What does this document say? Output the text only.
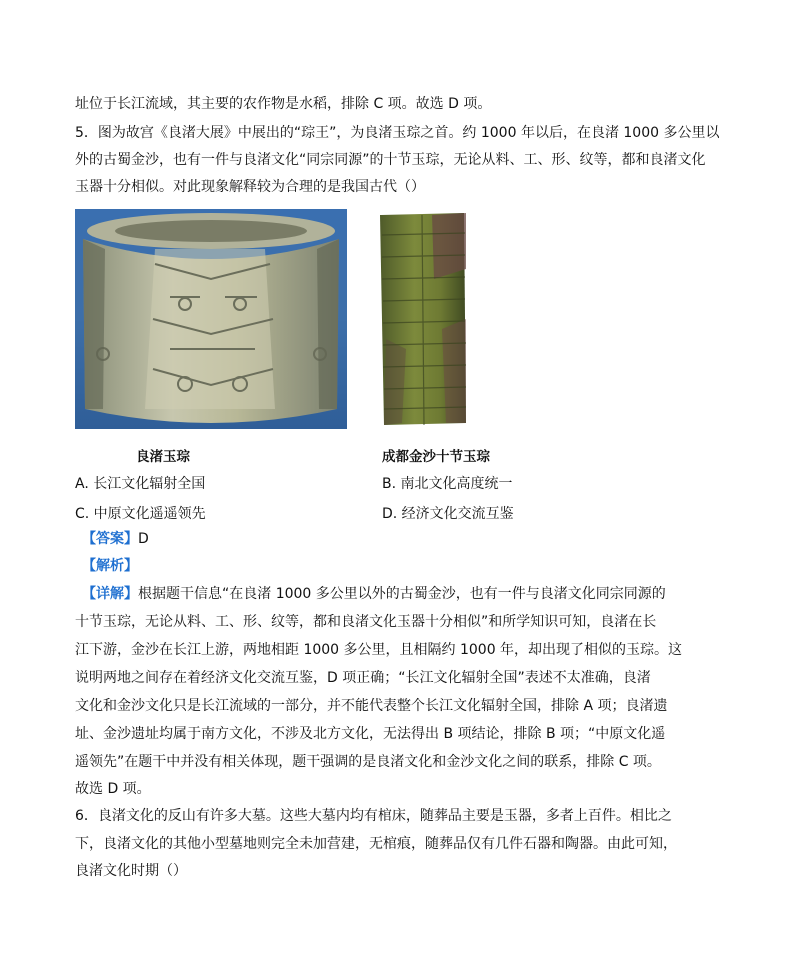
址位于长江流域，其主要的农作物是水稻，排除 C 项。故选 D 项。
5．图为故宫《良渚大展》中展出的“琮王”，为良渚玉琮之首。约 1000 年以后，在良渚 1000 多公里以
外的古蜀金沙，也有一件与良渚文化“同宗同源”的十节玉琮，无论从料、工、形、纹等，都和良渚文化
玉器十分相似。对此现象解释较为合理的是我国古代（）
良渚玉琮	成都金沙十节玉琮
A. 长江文化辐射全国	B. 南北文化高度统一
C. 中原文化遥遥领先	D. 经济文化交流互鉴
【答案】D
【解析】
【详解】根据题干信息“在良渚 1000 多公里以外的古蜀金沙，也有一件与良渚文化同宗同源的
十节玉琮，无论从料、工、形、纹等，都和良渚文化玉器十分相似”和所学知识可知，良渚在长
江下游，金沙在长江上游，两地相距 1000 多公里，且相隔约 1000 年，却出现了相似的玉琮。这
说明两地之间存在着经济文化交流互鉴，D 项正确；“长江文化辐射全国”表述不太准确，良渚
文化和金沙文化只是长江流域的一部分，并不能代表整个长江文化辐射全国，排除 A 项；良渚遗
址、金沙遗址均属于南方文化，不涉及北方文化，无法得出 B 项结论，排除 B 项；“中原文化遥
遥领先”在题干中并没有相关体现，题干强调的是良渚文化和金沙文化之间的联系，排除 C 项。
故选 D 项。
6．良渚文化的反山有许多大墓。这些大墓内均有棺床，随葬品主要是玉器，多者上百件。相比之
下，良渚文化的其他小型墓地则完全未加营建，无棺痕，随葬品仅有几件石器和陶器。由此可知，
良渚文化时期（）
